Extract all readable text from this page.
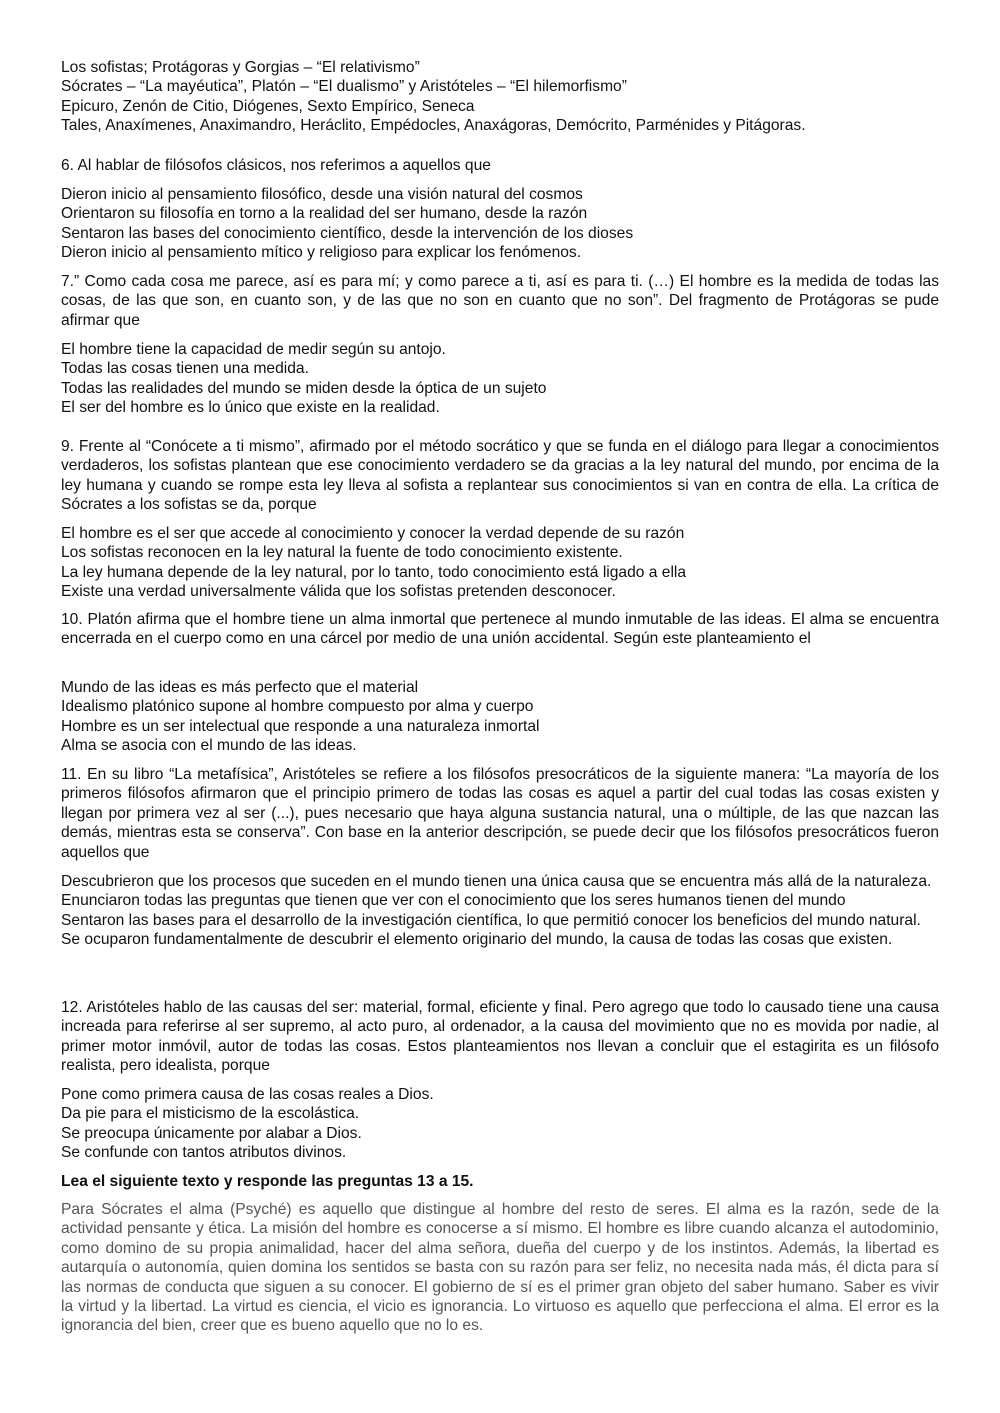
Los sofistas; Protágoras y Gorgias – “El relativismo”
Sócrates – “La mayéutica”, Platón – “El dualismo” y Aristóteles – “El hilemorfismo”
Epicuro, Zenón de Citio, Diógenes, Sexto Empírico, Seneca
Tales, Anaxímenes, Anaximandro, Heráclito, Empédocles, Anaxágoras, Demócrito, Parménides y Pitágoras.
6. Al hablar de filósofos clásicos, nos referimos a aquellos que
Dieron inicio al pensamiento filosófico, desde una visión natural del cosmos
Orientaron su filosofía en torno a la realidad del ser humano, desde la razón
Sentaron las bases del conocimiento científico, desde la intervención de los dioses
Dieron inicio al pensamiento mítico y religioso para explicar los fenómenos.
7.” Como cada cosa me parece, así es para mí; y como parece a ti, así es para ti. (…) El hombre es la medida de todas las cosas, de las que son, en cuanto son, y de las que no son en cuanto que no son”. Del fragmento de Protágoras se pude afirmar que
El hombre tiene la capacidad de medir según su antojo.
Todas las cosas tienen una medida.
Todas las realidades del mundo se miden desde la óptica de un sujeto
El ser del hombre es lo único que existe en la realidad.
9. Frente al “Conócete a ti mismo”, afirmado por el método socrático y que se funda en el diálogo para llegar a conocimientos verdaderos, los sofistas plantean que ese conocimiento verdadero se da gracias a la ley natural del mundo, por encima de la ley humana y cuando se rompe esta ley lleva al sofista a replantear sus conocimientos si van en contra de ella. La crítica de Sócrates a los sofistas se da, porque
El hombre es el ser que accede al conocimiento y conocer la verdad depende de su razón
Los sofistas reconocen en la ley natural la fuente de todo conocimiento existente.
La ley humana depende de la ley natural, por lo tanto, todo conocimiento está ligado a ella
Existe una verdad universalmente válida que los sofistas pretenden desconocer.
10. Platón afirma que el hombre tiene un alma inmortal que pertenece al mundo inmutable de las ideas. El alma se encuentra encerrada en el cuerpo como en una cárcel por medio de una unión accidental. Según este planteamiento el
Mundo de las ideas es más perfecto que el material
Idealismo platónico supone al hombre compuesto por alma y cuerpo
Hombre es un ser intelectual que responde a una naturaleza inmortal
Alma se asocia con el mundo de las ideas.
11. En su libro “La metafísica”, Aristóteles se refiere a los filósofos presocráticos de la siguiente manera: “La mayoría de los primeros filósofos afirmaron que el principio primero de todas las cosas es aquel a partir del cual todas las cosas existen y llegan por primera vez al ser (...), pues necesario que haya alguna sustancia natural, una o múltiple, de las que nazcan las demás, mientras esta se conserva”. Con base en la anterior descripción, se puede decir que los filósofos presocráticos fueron aquellos que
Descubrieron que los procesos que suceden en el mundo tienen una única causa que se encuentra más allá de la naturaleza.
Enunciaron todas las preguntas que tienen que ver con el conocimiento que los seres humanos tienen del mundo
Sentaron las bases para el desarrollo de la investigación científica, lo que permitió conocer los beneficios del mundo natural.
Se ocuparon fundamentalmente de descubrir el elemento originario del mundo, la causa de todas las cosas que existen.
12. Aristóteles hablo de las causas del ser: material, formal, eficiente y final. Pero agrego que todo lo causado tiene una causa increada para referirse al ser supremo, al acto puro, al ordenador, a la causa del movimiento que no es movida por nadie, al primer motor inmóvil, autor de todas las cosas. Estos planteamientos nos llevan a concluir que el estagirita es un filósofo realista, pero idealista, porque
Pone como primera causa de las cosas reales a Dios.
Da pie para el misticismo de la escolástica.
Se preocupa únicamente por alabar a Dios.
Se confunde con tantos atributos divinos.
Lea el siguiente texto y responde las preguntas 13 a 15.
Para Sócrates el alma (Psyché) es aquello que distingue al hombre del resto de seres. El alma es la razón, sede de la actividad pensante y ética. La misión del hombre es conocerse a sí mismo. El hombre es libre cuando alcanza el autodominio, como domino de su propia animalidad, hacer del alma señora, dueña del cuerpo y de los instintos. Además, la libertad es autarquía o autonomía, quien domina los sentidos se basta con su razón para ser feliz, no necesita nada más, él dicta para sí las normas de conducta que siguen a su conocer. El gobierno de sí es el primer gran objeto del saber humano. Saber es vivir la virtud y la libertad. La virtud es ciencia, el vicio es ignorancia. Lo virtuoso es aquello que perfecciona el alma. El error es la ignorancia del bien, creer que es bueno aquello que no lo es.
